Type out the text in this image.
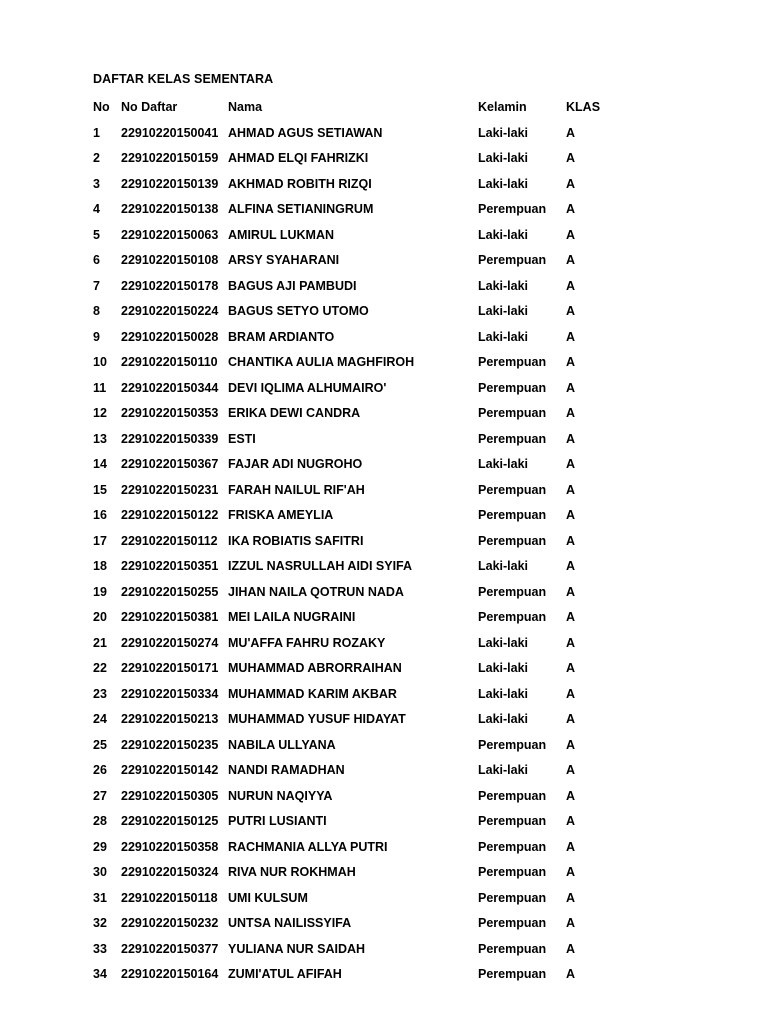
DAFTAR KELAS SEMENTARA
No No Daftar	Nama	Kelamin	KLAS
1 22910220150041 AHMAD AGUS SETIAWAN	Laki-laki	A
2 22910220150159 AHMAD ELQI FAHRIZKI	Laki-laki	A
3 22910220150139 AKHMAD ROBITH RIZQI	Laki-laki	A
4 22910220150138 ALFINA SETIANINGRUM	Perempuan A
5 22910220150063 AMIRUL LUKMAN	Laki-laki	A
6 22910220150108 ARSY SYAHARANI	Perempuan A
7 22910220150178 BAGUS AJI PAMBUDI	Laki-laki	A
8 22910220150224 BAGUS SETYO UTOMO	Laki-laki	A
9 22910220150028 BRAM ARDIANTO	Laki-laki	A
10 22910220150110 CHANTIKA AULIA MAGHFIROH	Perempuan A
11 22910220150344 DEVI IQLIMA ALHUMAIRO'	Perempuan A
12 22910220150353 ERIKA DEWI CANDRA	Perempuan A
13 22910220150339 ESTI	Perempuan A
14 22910220150367 FAJAR ADI NUGROHO	Laki-laki	A
15 22910220150231 FARAH NAILUL RIF'AH	Perempuan A
16 22910220150122 FRISKA AMEYLIA	Perempuan A
17 22910220150112 IKA ROBIATIS SAFITRI	Perempuan A
18 22910220150351 IZZUL NASRULLAH AIDI SYIFA	Laki-laki	A
19 22910220150255 JIHAN NAILA QOTRUN NADA	Perempuan A
20 22910220150381 MEI LAILA NUGRAINI	Perempuan A
21 22910220150274 MU'AFFA FAHRU ROZAKY	Laki-laki	A
22 22910220150171 MUHAMMAD ABRORRAIHAN	Laki-laki	A
23 22910220150334 MUHAMMAD KARIM AKBAR	Laki-laki	A
24 22910220150213 MUHAMMAD YUSUF HIDAYAT	Laki-laki	A
25 22910220150235 NABILA ULLYANA	Perempuan A
26 22910220150142 NANDI RAMADHAN	Laki-laki	A
27 22910220150305 NURUN NAQIYYA	Perempuan A
28 22910220150125 PUTRI LUSIANTI	Perempuan A
29 22910220150358 RACHMANIA ALLYA PUTRI	Perempuan A
30 22910220150324 RIVA NUR ROKHMAH	Perempuan A
31 22910220150118 UMI KULSUM	Perempuan A
32 22910220150232 UNTSA NAILISSYIFA	Perempuan A
33 22910220150377 YULIANA NUR SAIDAH	Perempuan A
34 22910220150164 ZUMI'ATUL AFIFAH	Perempuan A
